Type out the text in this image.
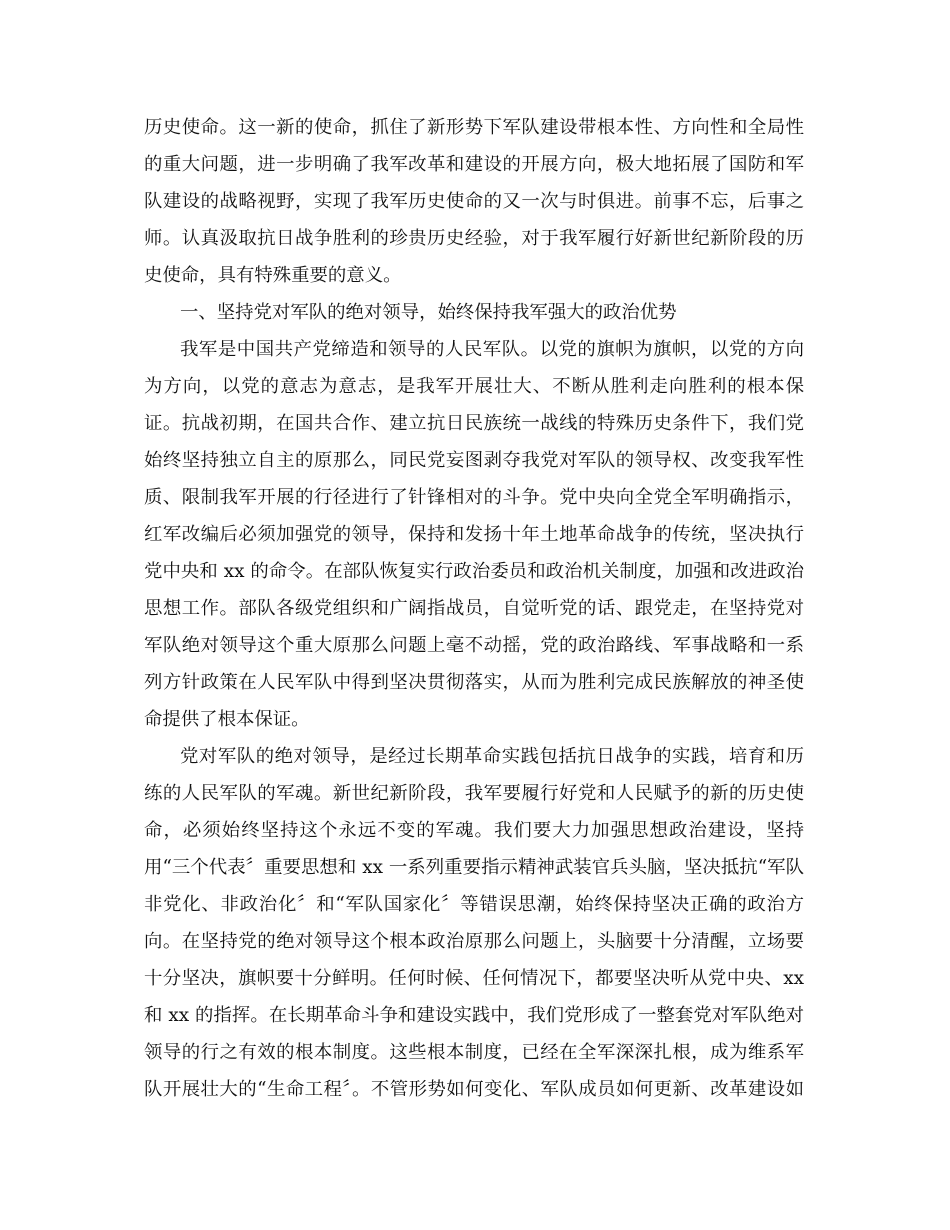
历史使命。这一新的使命，抓住了新形势下军队建设带根本性、方向性和全局性
的重大问题，进一步明确了我军改革和建设的开展方向，极大地拓展了国防和军
队建设的战略视野，实现了我军历史使命的又一次与时俱进。前事不忘，后事之
师。认真汲取抗日战争胜利的珍贵历史经验，对于我军履行好新世纪新阶段的历
史使命，具有特殊重要的意义。
一、坚持党对军队的绝对领导，始终保持我军强大的政治优势
我军是中国共产党缔造和领导的人民军队。以党的旗帜为旗帜，以党的方向
为方向，以党的意志为意志，是我军开展壮大、不断从胜利走向胜利的根本保
证。抗战初期，在国共合作、建立抗日民族统一战线的特殊历史条件下，我们党
始终坚持独立自主的原那么，同民党妄图剥夺我党对军队的领导权、改变我军性
质、限制我军开展的行径进行了针锋相对的斗争。党中央向全党全军明确指示，
红军改编后必须加强党的领导，保持和发扬十年土地革命战争的传统，坚决执行
党中央和 xx 的命令。在部队恢复实行政治委员和政治机关制度，加强和改进政治
思想工作。部队各级党组织和广阔指战员，自觉听党的话、跟党走，在坚持党对
军队绝对领导这个重大原那么问题上毫不动摇，党的政治路线、军事战略和一系
列方针政策在人民军队中得到坚决贯彻落实，从而为胜利完成民族解放的神圣使
命提供了根本保证。
党对军队的绝对领导，是经过长期革命实践包括抗日战争的实践，培育和历
练的人民军队的军魂。新世纪新阶段，我军要履行好党和人民赋予的新的历史使
命，必须始终坚持这个永远不变的军魂。我们要大力加强思想政治建设，坚持
用“三个代表〞重要思想和 xx 一系列重要指示精神武装官兵头脑，坚决抵抗“军队
非党化、非政治化〞和“军队国家化〞等错误思潮，始终保持坚决正确的政治方
向。在坚持党的绝对领导这个根本政治原那么问题上，头脑要十分清醒，立场要
十分坚决，旗帜要十分鲜明。任何时候、任何情况下，都要坚决听从党中央、xx
和 xx 的指挥。在长期革命斗争和建设实践中，我们党形成了一整套党对军队绝对
领导的行之有效的根本制度。这些根本制度，已经在全军深深扎根，成为维系军
队开展壮大的“生命工程〞。不管形势如何变化、军队成员如何更新、改革建设如
